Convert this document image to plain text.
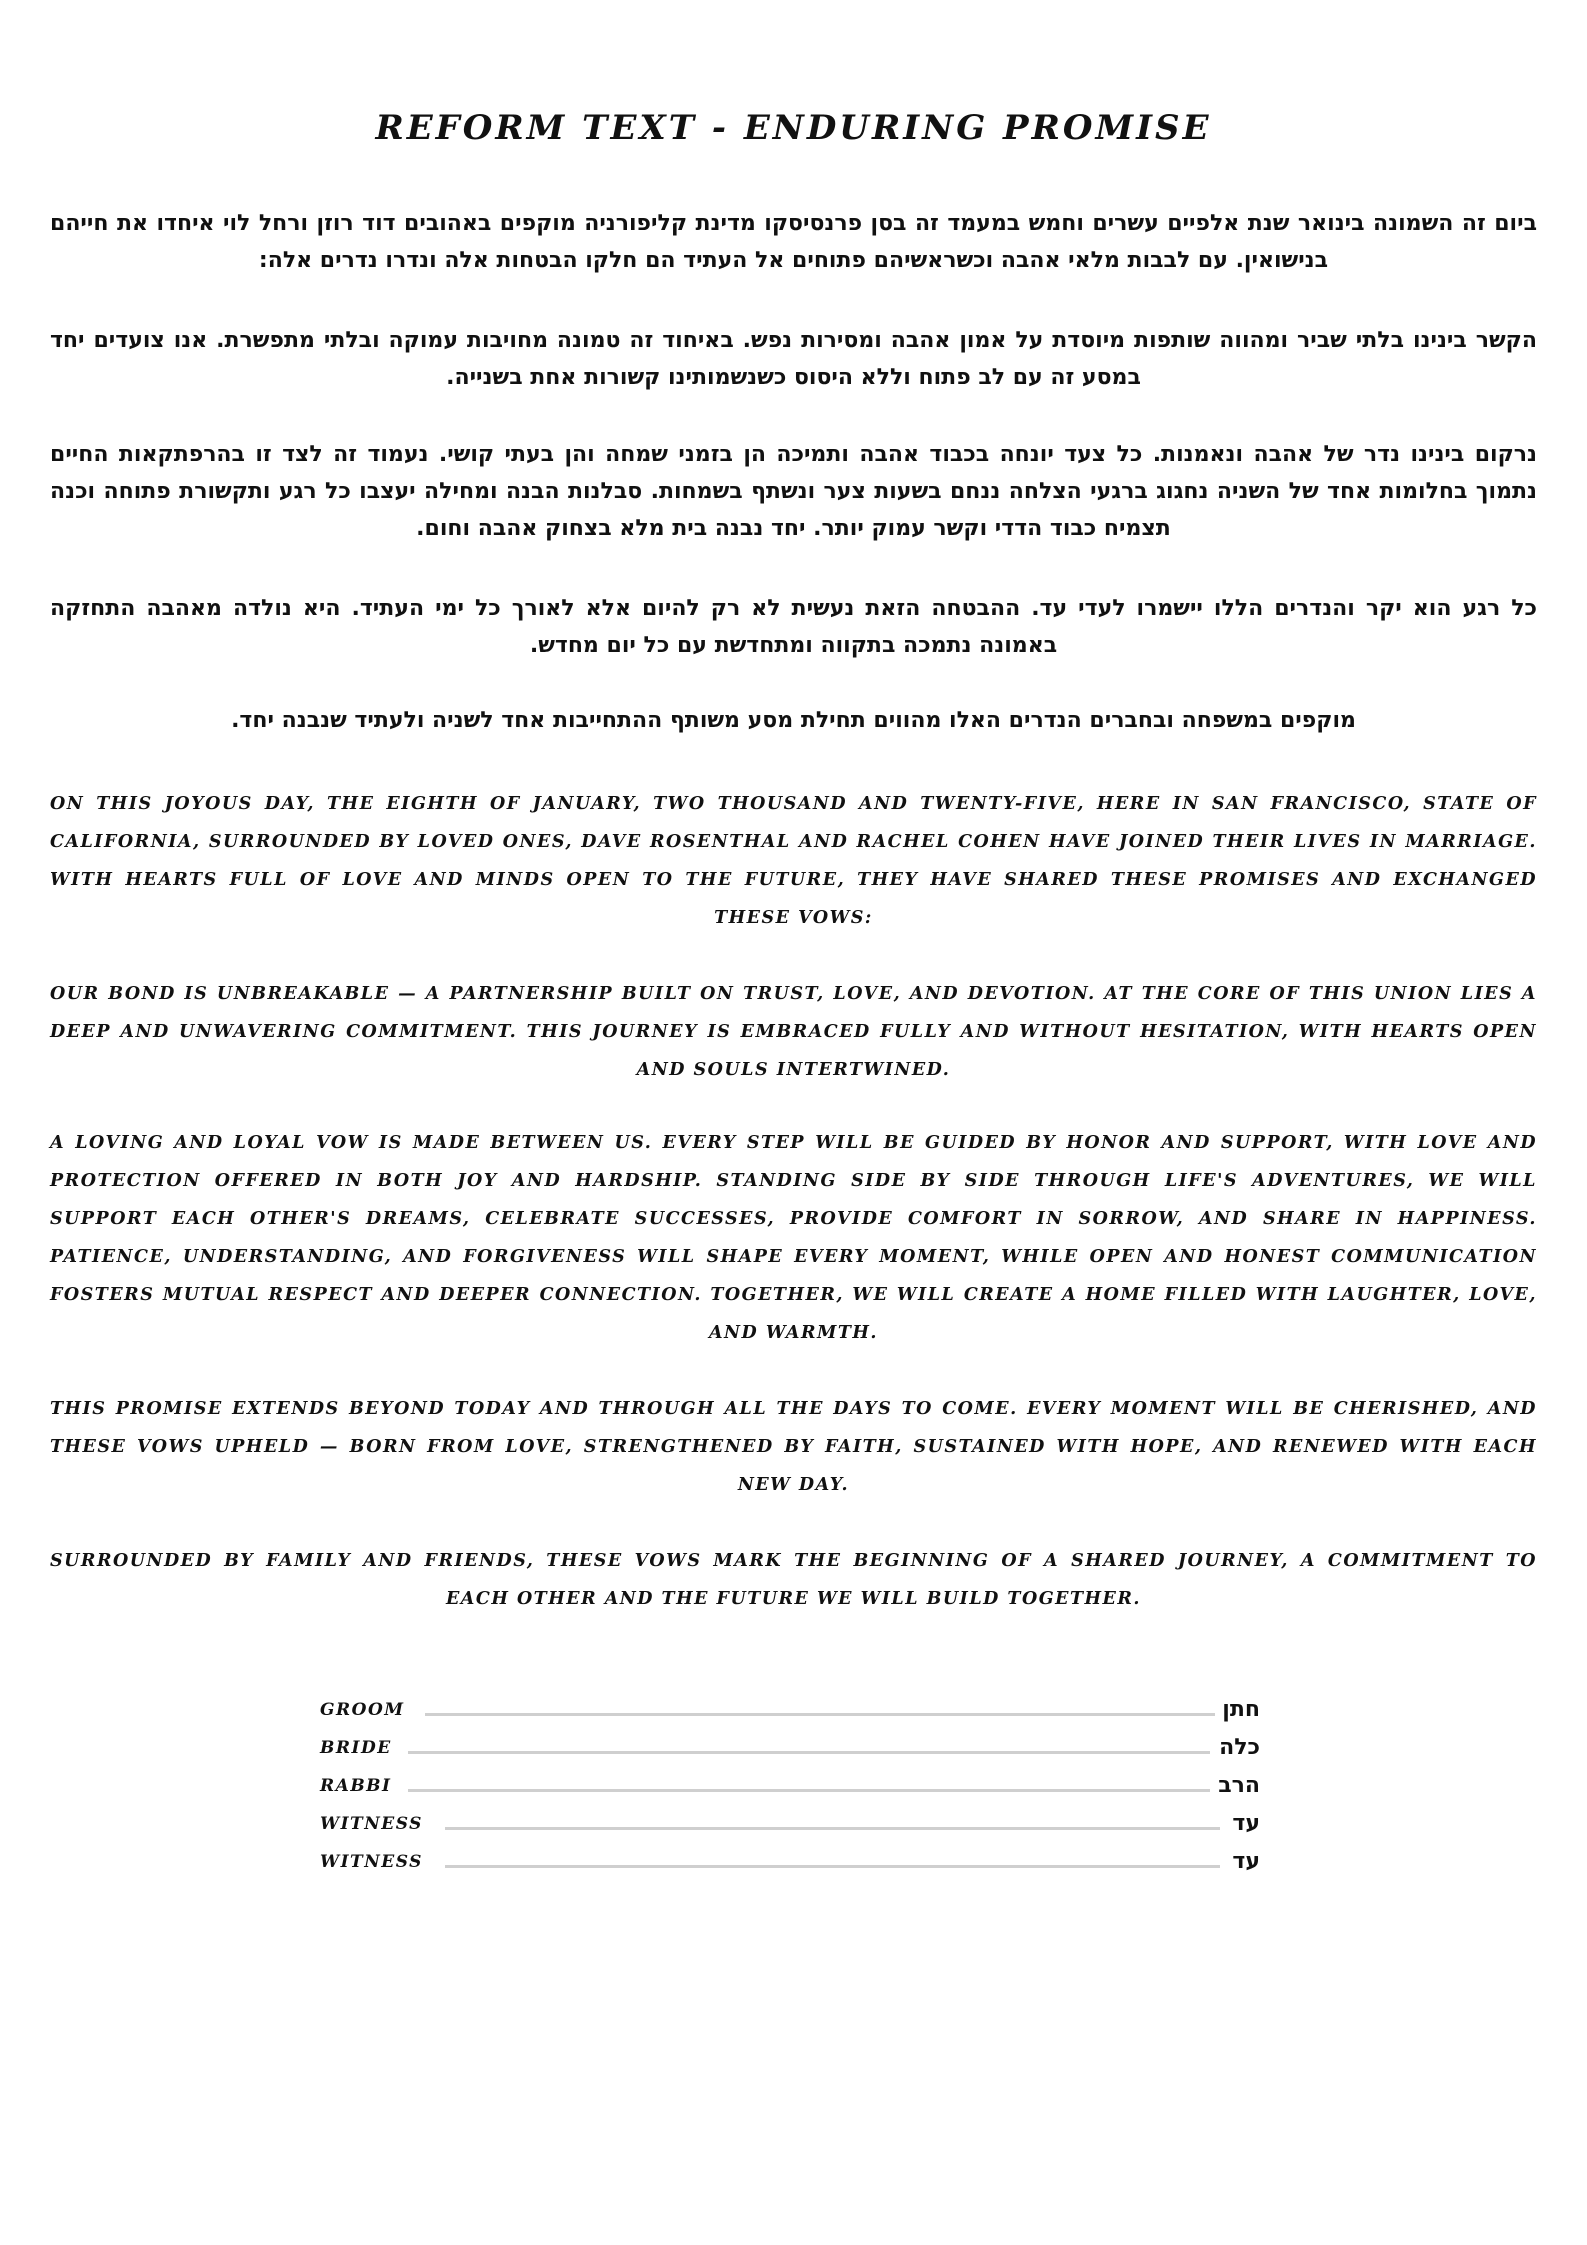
REFORM TEXT - ENDURING PROMISE
ביום זה השמונה בינואר שנת אלפיים עשרים וחמש במעמד זה בסן פרנסיסקו מדינת קליפורניה מוקפים באהובים דוד רוזן ורחל לוי איחדו את חייהם בנישואין. עם לבבות מלאי אהבה וכשראשיהם פתוחים אל העתיד הם חלקו הבטחות אלה ונדרו נדרים אלה:
הקשר בינינו בלתי שביר ומהווה שותפות מיוסדת על אמון אהבה ומסירות נפש. באיחוד זה טמונה מחויבות עמוקה ובלתי מתפשרת. אנו צועדים יחד במסע זה עם לב פתוח וללא היסוס כשנשמותינו קשורות אחת בשנייה.
נרקום בינינו נדר של אהבה ונאמנות. כל צעד יונחה בכבוד אהבה ותמיכה הן בזמני שמחה והן בעתי קושי. נעמוד זה לצד זו בהרפתקאות החיים נתמוך בחלומות אחד של השניה נחגוג ברגעי הצלחה ננחם בשעות צער ונשתף בשמחות. סבלנות הבנה ומחילה יעצבו כל רגע ותקשורת פתוחה וכנה תצמיח כבוד הדדי וקשר עמוק יותר. יחד נבנה בית מלא בצחוק אהבה וחום.
כל רגע הוא יקר והנדרים הללו יישמרו לעדי עד. ההבטחה הזאת נעשית לא רק להיום אלא לאורך כל ימי העתיד. היא נולדה מאהבה התחזקה באמונה נתמכה בתקווה ומתחדשת עם כל יום מחדש.
מוקפים במשפחה ובחברים הנדרים האלו מהווים תחילת מסע משותף ההתחייבות אחד לשניה ולעתיד שנבנה יחד.
ON THIS JOYOUS DAY, THE EIGHTH OF JANUARY, TWO THOUSAND AND TWENTY-FIVE, HERE IN SAN FRANCISCO, STATE OF CALIFORNIA, SURROUNDED BY LOVED ONES, DAVE ROSENTHAL AND RACHEL COHEN HAVE JOINED THEIR LIVES IN MARRIAGE. WITH HEARTS FULL OF LOVE AND MINDS OPEN TO THE FUTURE, THEY HAVE SHARED THESE PROMISES AND EXCHANGED THESE VOWS:
OUR BOND IS UNBREAKABLE — A PARTNERSHIP BUILT ON TRUST, LOVE, AND DEVOTION. AT THE CORE OF THIS UNION LIES A DEEP AND UNWAVERING COMMITMENT. THIS JOURNEY IS EMBRACED FULLY AND WITHOUT HESITATION, WITH HEARTS OPEN AND SOULS INTERTWINED.
A LOVING AND LOYAL VOW IS MADE BETWEEN US. EVERY STEP WILL BE GUIDED BY HONOR AND SUPPORT, WITH LOVE AND PROTECTION OFFERED IN BOTH JOY AND HARDSHIP. STANDING SIDE BY SIDE THROUGH LIFE'S ADVENTURES, WE WILL SUPPORT EACH OTHER'S DREAMS, CELEBRATE SUCCESSES, PROVIDE COMFORT IN SORROW, AND SHARE IN HAPPINESS. PATIENCE, UNDERSTANDING, AND FORGIVENESS WILL SHAPE EVERY MOMENT, WHILE OPEN AND HONEST COMMUNICATION FOSTERS MUTUAL RESPECT AND DEEPER CONNECTION. TOGETHER, WE WILL CREATE A HOME FILLED WITH LAUGHTER, LOVE, AND WARMTH.
THIS PROMISE EXTENDS BEYOND TODAY AND THROUGH ALL THE DAYS TO COME. EVERY MOMENT WILL BE CHERISHED, AND THESE VOWS UPHELD — BORN FROM LOVE, STRENGTHENED BY FAITH, SUSTAINED WITH HOPE, AND RENEWED WITH EACH NEW DAY.
SURROUNDED BY FAMILY AND FRIENDS, THESE VOWS MARK THE BEGINNING OF A SHARED JOURNEY, A COMMITMENT TO EACH OTHER AND THE FUTURE WE WILL BUILD TOGETHER.
GROOM	חתן
BRIDE	כלה
RABBI	הרב
WITNESS	עד
WITNESS	עד
